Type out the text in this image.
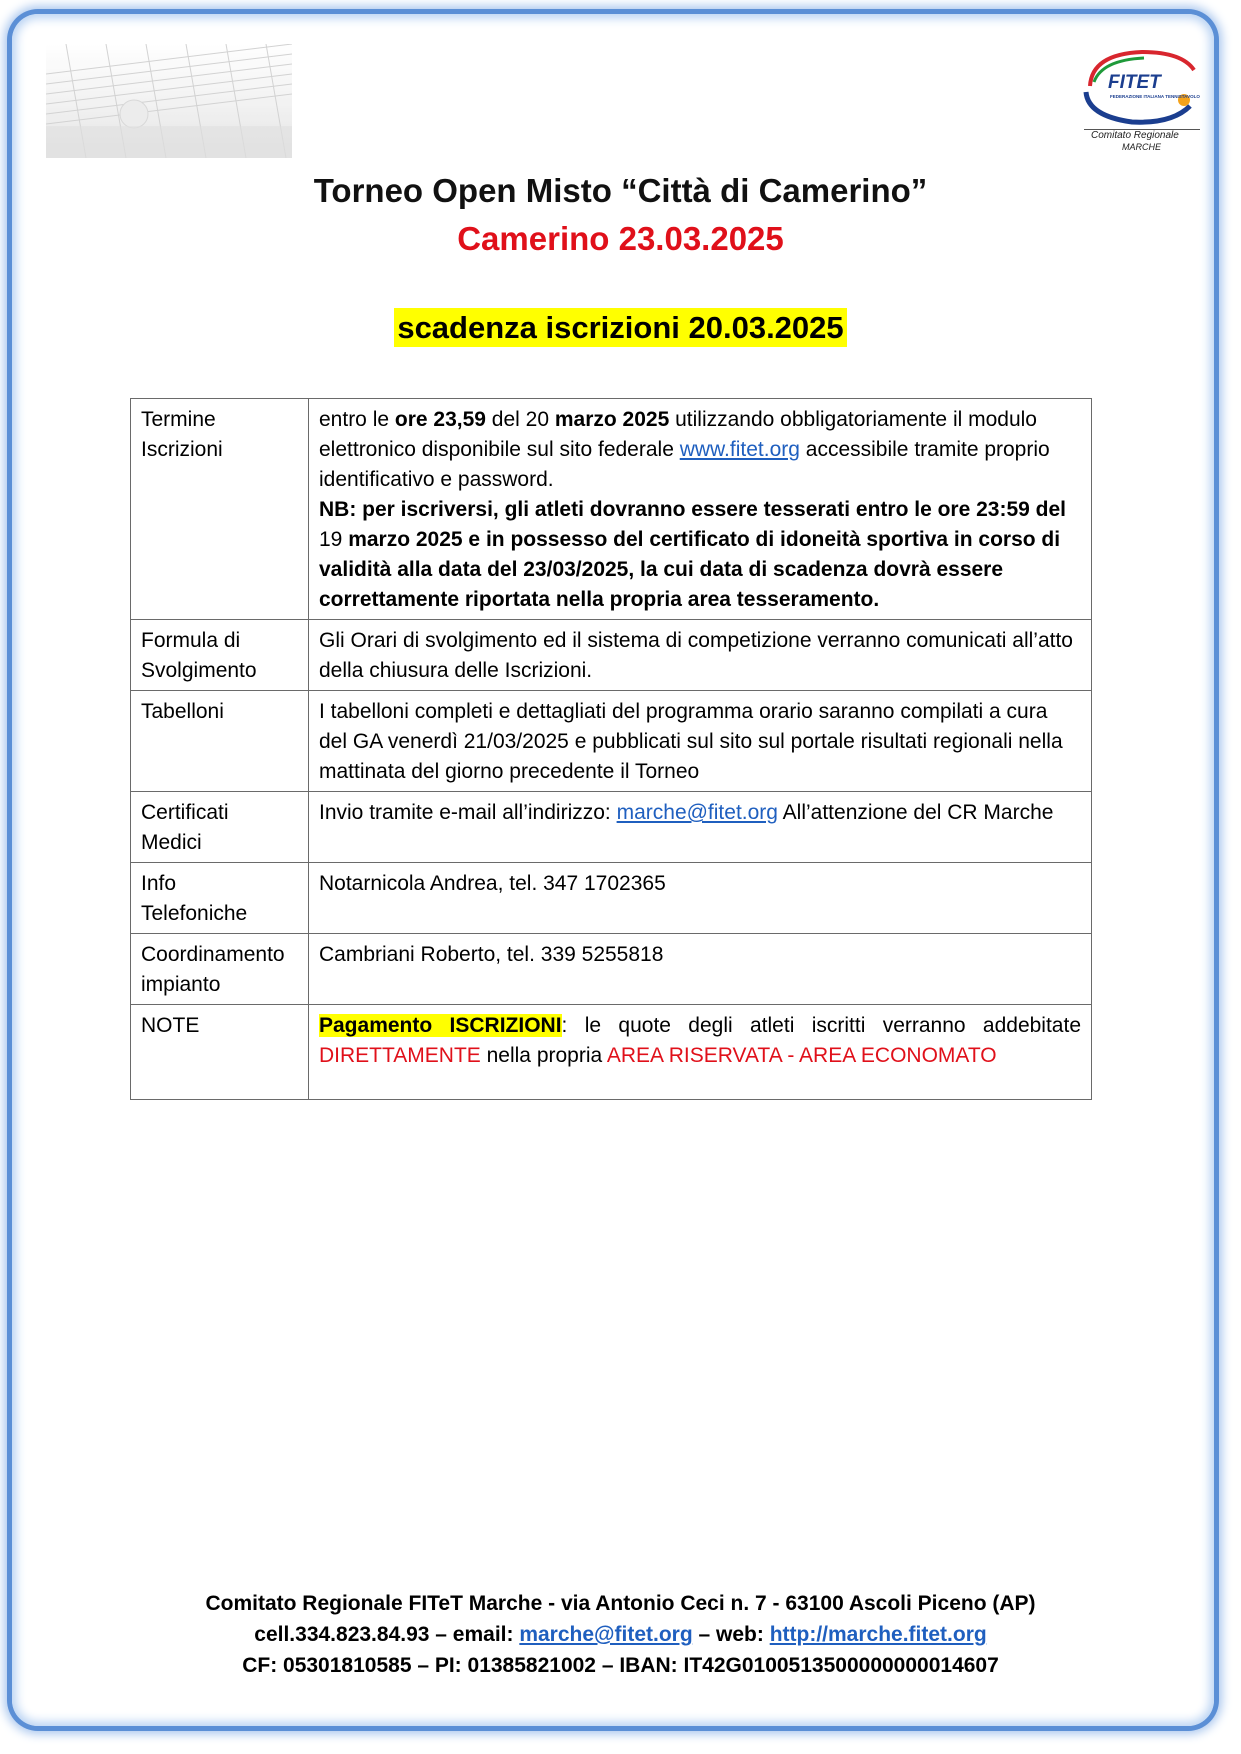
FITET
FEDERAZIONE ITALIANA TENNISTAVOLO
Comitato Regionale
MARCHE
Torneo Open Misto “Città di Camerino”
Camerino 23.03.2025
scadenza iscrizioni 20.03.2025
Termine
Iscrizioni	entro le ore 23,59 del 20 marzo 2025 utilizzando obbligatoriamente il modulo elettronico disponibile sul sito federale www.fitet.org accessibile tramite proprio identificativo e password.
NB: per iscriversi, gli atleti dovranno essere tesserati entro le ore 23:59 del 19 marzo 2025 e in possesso del certificato di idoneità sportiva in corso di validità alla data del 23/03/2025, la cui data di scadenza dovrà essere correttamente riportata nella propria area tesseramento.
Formula di
Svolgimento	Gli Orari di svolgimento ed il sistema di competizione verranno comunicati all’atto della chiusura delle Iscrizioni.
Tabelloni	I tabelloni completi e dettagliati del programma orario saranno compilati a cura del GA venerdì 21/03/2025 e pubblicati sul sito sul portale risultati regionali nella mattinata del giorno precedente il Torneo
Certificati
Medici	Invio tramite e-mail all’indirizzo: marche@fitet.org All’attenzione del CR Marche
Info
Telefoniche	Notarnicola Andrea, tel. 347 1702365
Coordinamento
impianto	Cambriani Roberto, tel. 339 5255818
NOTE	Pagamento ISCRIZIONI: le quote degli atleti iscritti verranno addebitate DIRETTAMENTE nella propria AREA RISERVATA - AREA ECONOMATO
Comitato Regionale FITeT Marche - via Antonio Ceci n. 7 - 63100 Ascoli Piceno (AP)
cell.334.823.84.93 – email: marche@fitet.org – web: http://marche.fitet.org
CF: 05301810585 – PI: 01385821002 – IBAN: IT42G0100513500000000014607
